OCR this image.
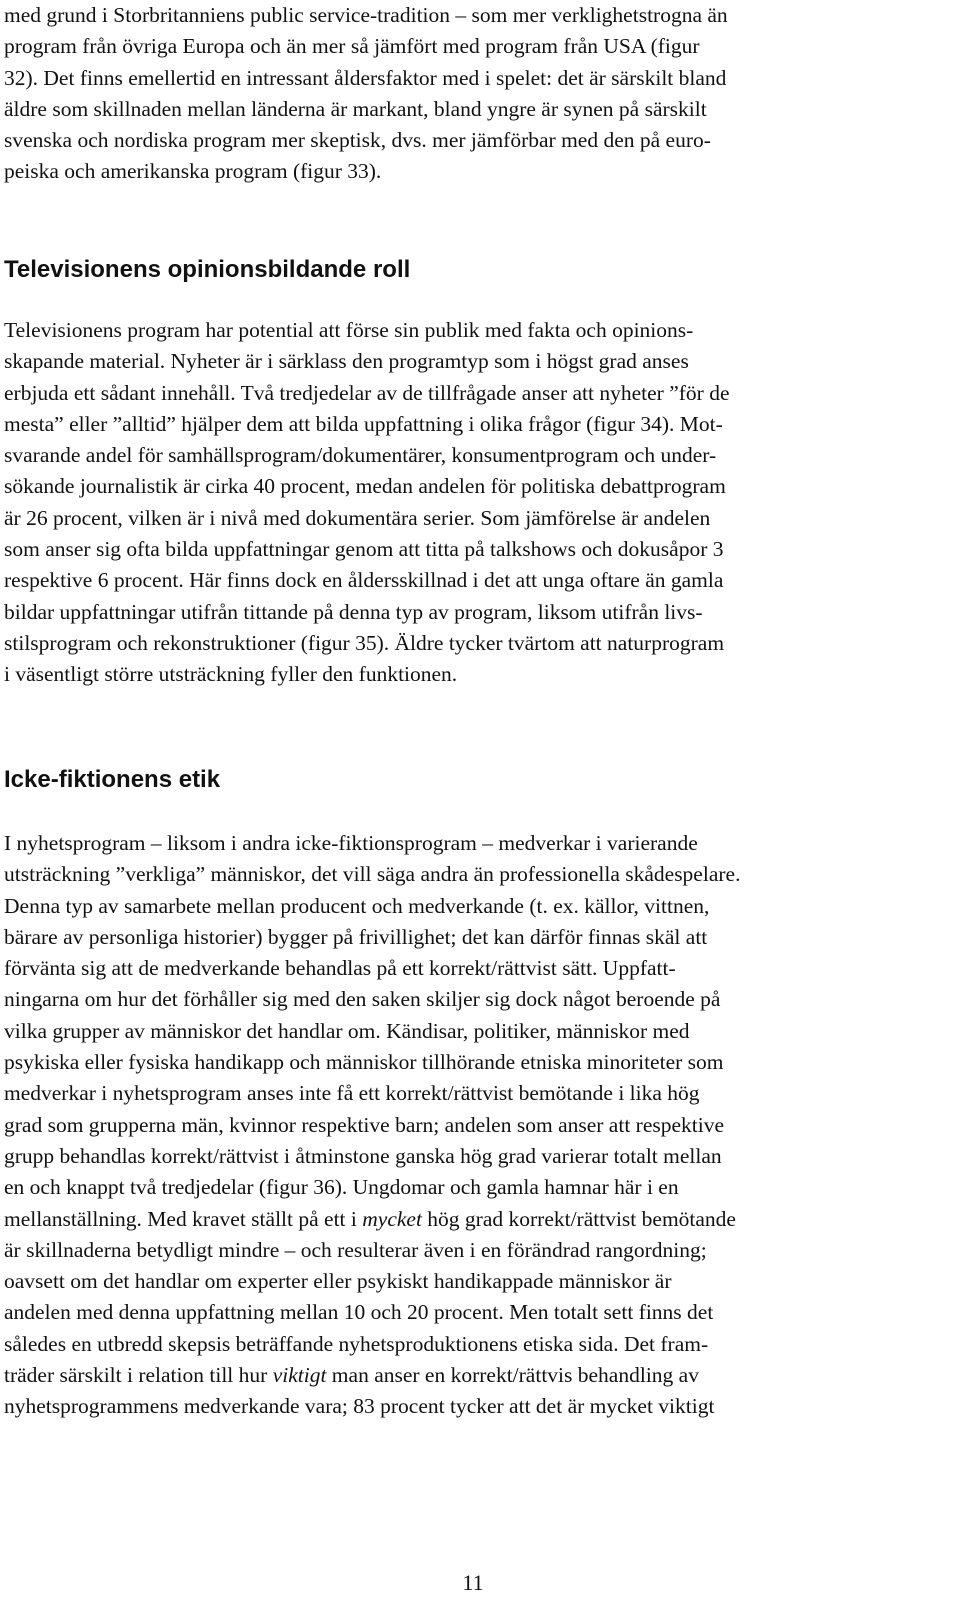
med grund i Storbritanniens public service-tradition – som mer verklighetstrogna än
program från övriga Europa och än mer så jämfört med program från USA (figur
32). Det finns emellertid en intressant åldersfaktor med i spelet: det är särskilt bland
äldre som skillnaden mellan länderna är markant, bland yngre är synen på särskilt
svenska och nordiska program mer skeptisk, dvs. mer jämförbar med den på euro-
peiska och amerikanska program (figur 33).

Televisionens opinionsbildande roll

Televisionens program har potential att förse sin publik med fakta och opinions-
skapande material. Nyheter är i särklass den programtyp som i högst grad anses
erbjuda ett sådant innehåll. Två tredjedelar av de tillfrågade anser att nyheter ”för de
mesta” eller ”alltid” hjälper dem att bilda uppfattning i olika frågor (figur 34). Mot-
svarande andel för samhällsprogram/dokumentärer, konsumentprogram och under-
sökande journalistik är cirka 40 procent, medan andelen för politiska debattprogram
är 26 procent, vilken är i nivå med dokumentära serier. Som jämförelse är andelen
som anser sig ofta bilda uppfattningar genom att titta på talkshows och dokusåpor 3
respektive 6 procent. Här finns dock en åldersskillnad i det att unga oftare än gamla
bildar uppfattningar utifrån tittande på denna typ av program, liksom utifrån livs-
stilsprogram och rekonstruktioner (figur 35). Äldre tycker tvärtom att naturprogram
i väsentligt större utsträckning fyller den funktionen.

Icke-fiktionens etik

I nyhetsprogram – liksom i andra icke-fiktionsprogram – medverkar i varierande
utsträckning ”verkliga” människor, det vill säga andra än professionella skådespelare.
Denna typ av samarbete mellan producent och medverkande (t. ex. källor, vittnen,
bärare av personliga historier) bygger på frivillighet; det kan därför finnas skäl att
förvänta sig att de medverkande behandlas på ett korrekt/rättvist sätt. Uppfatt-
ningarna om hur det förhåller sig med den saken skiljer sig dock något beroende på
vilka grupper av människor det handlar om. Kändisar, politiker, människor med
psykiska eller fysiska handikapp och människor tillhörande etniska minoriteter som
medverkar i nyhetsprogram anses inte få ett korrekt/rättvist bemötande i lika hög
grad som grupperna män, kvinnor respektive barn; andelen som anser att respektive
grupp behandlas korrekt/rättvist i åtminstone ganska hög grad varierar totalt mellan
en och knappt två tredjedelar (figur 36). Ungdomar och gamla hamnar här i en
mellanställning. Med kravet ställt på ett i mycket hög grad korrekt/rättvist bemötande
är skillnaderna betydligt mindre – och resulterar även i en förändrad rangordning;
oavsett om det handlar om experter eller psykiskt handikappade människor är
andelen med denna uppfattning mellan 10 och 20 procent. Men totalt sett finns det
således en utbredd skepsis beträffande nyhetsproduktionens etiska sida. Det fram-
träder särskilt i relation till hur viktigt man anser en korrekt/rättvis behandling av
nyhetsprogrammens medverkande vara; 83 procent tycker att det är mycket viktigt

11
